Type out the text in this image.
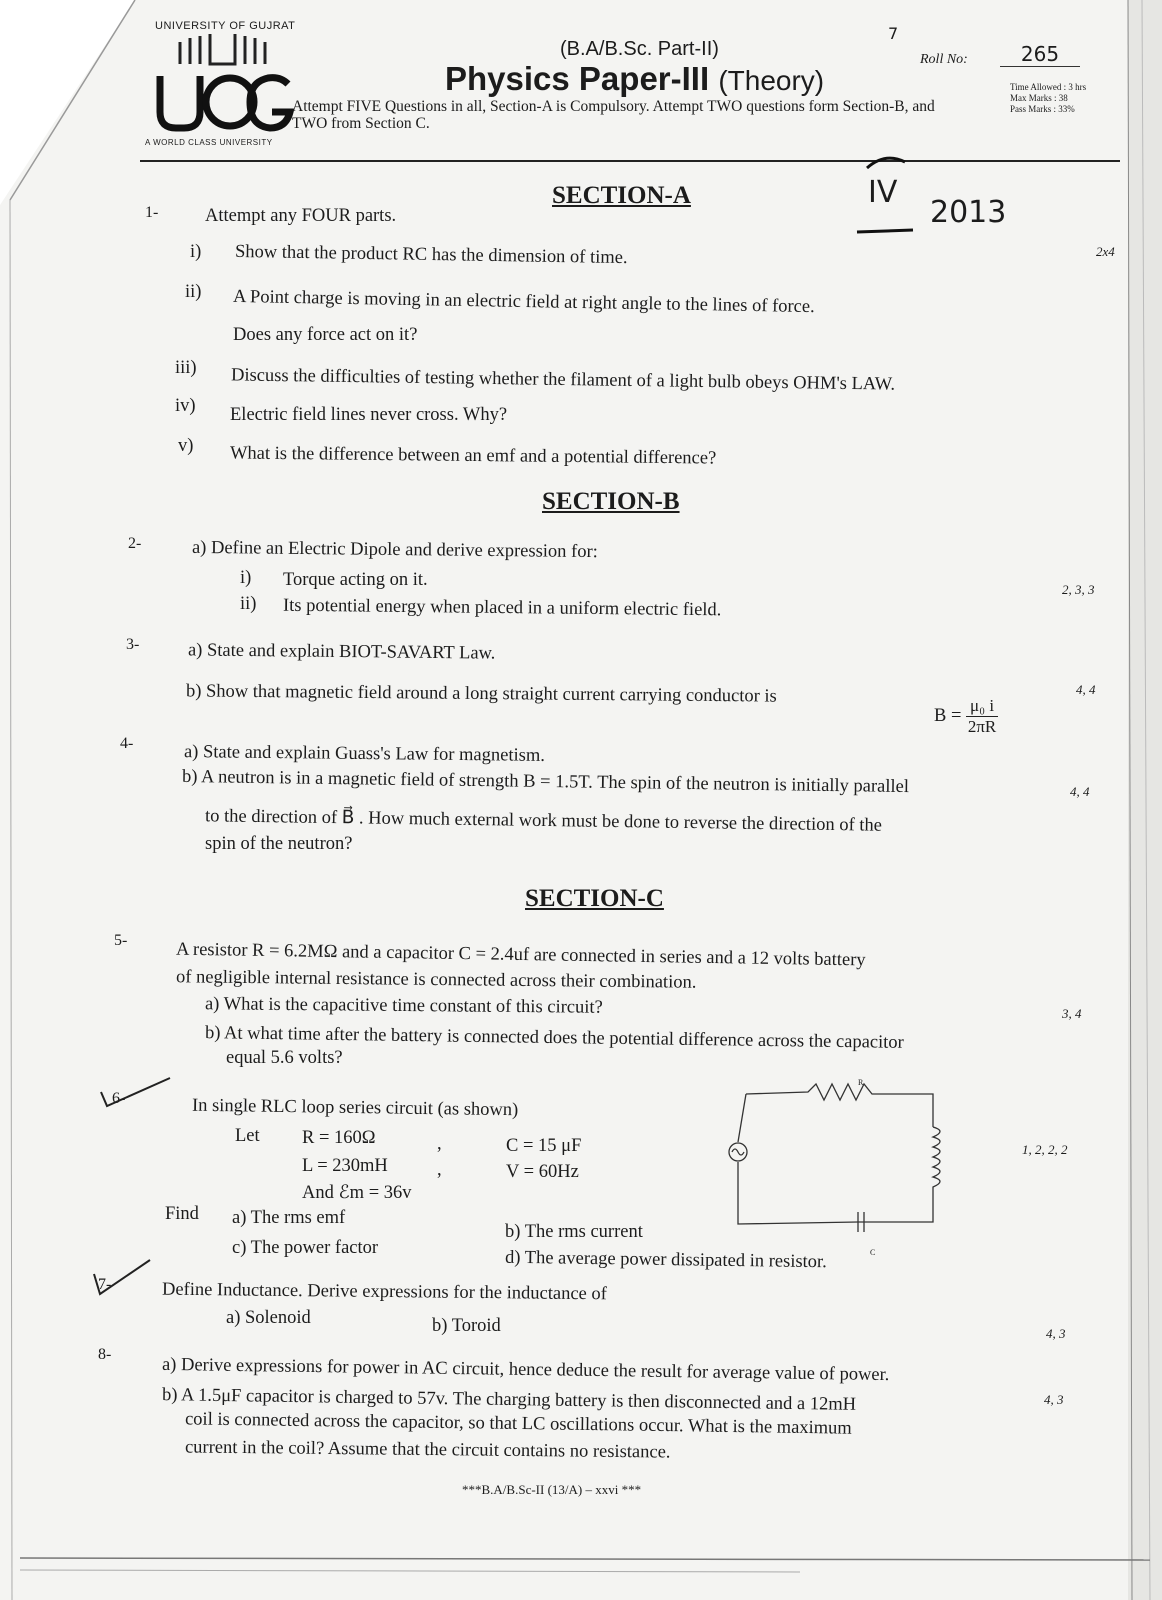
UNIVERSITY OF GUJRAT
A WORLD CLASS UNIVERSITY
(B.A/B.Sc. Part-II)
Physics Paper-III (Theory)
7
Roll No:	265
Time Allowed : 3 hrs
Max Marks : 38
Pass Marks : 33%
Attempt FIVE Questions in all, Section-A is Compulsory. Attempt TWO questions form Section-B, and
TWO from Section C.
IV
2013
SECTION-A
1-	Attempt any FOUR parts.
2x4
i) Show that the product RC has the dimension of time.
ii) A Point charge is moving in an electric field at right angle to the lines of force.
Does any force act on it?
iii) Discuss the difficulties of testing whether the filament of a light bulb obeys OHM's LAW.
iv) Electric field lines never cross. Why?
v) What is the difference between an emf and a potential difference?
SECTION-B
2-	a) Define an Electric Dipole and derive expression for:
i) Torque acting on it.
ii) Its potential energy when placed in a uniform electric field.
2, 3, 3
3-	a) State and explain BIOT-SAVART Law.
b) Show that magnetic field around a long straight current carrying conductor is
$B = \frac{\text{μ₀ i}}{2\pi R}$
4, 4
4-	a) State and explain Guass's Law for magnetism.
b) A neutron is in a magnetic field of strength B = 1.5T. The spin of the neutron is initially parallel
to the direction of B⃗ . How much external work must be done to reverse the direction of the
spin of the neutron?
4, 4
SECTION-C
5-	A resistor R = 6.2MΩ and a capacitor C = 2.4uf are connected in series and a 12 volts battery
of negligible internal resistance is connected across their combination.
a) What is the capacitive time constant of this circuit?
b) At what time after the battery is connected does the potential difference across the capacitor
equal 5.6 volts?
3, 4
6-	In single RLC loop series circuit (as shown)
Let R = 160Ω	,	C = 15 μF
L = 230mH	,	V = 60Hz
And ℰm = 36v
Find a) The rms emf
c) The power factor
b) The rms current
d) The average power dissipated in resistor.
1, 2, 2, 2
R
C
7-	Define Inductance. Derive expressions for the inductance of
a) Solenoid	b) Toroid	4, 3
8-
a) Derive expressions for power in AC circuit, hence deduce the result for average value of power.
b) A 1.5μF capacitor is charged to 57v. The charging battery is then disconnected and a 12mH
coil is connected across the capacitor, so that LC oscillations occur. What is the maximum
current in the coil? Assume that the circuit contains no resistance.
4, 3
***B.A/B.Sc-II (13/A) – xxvi ***
